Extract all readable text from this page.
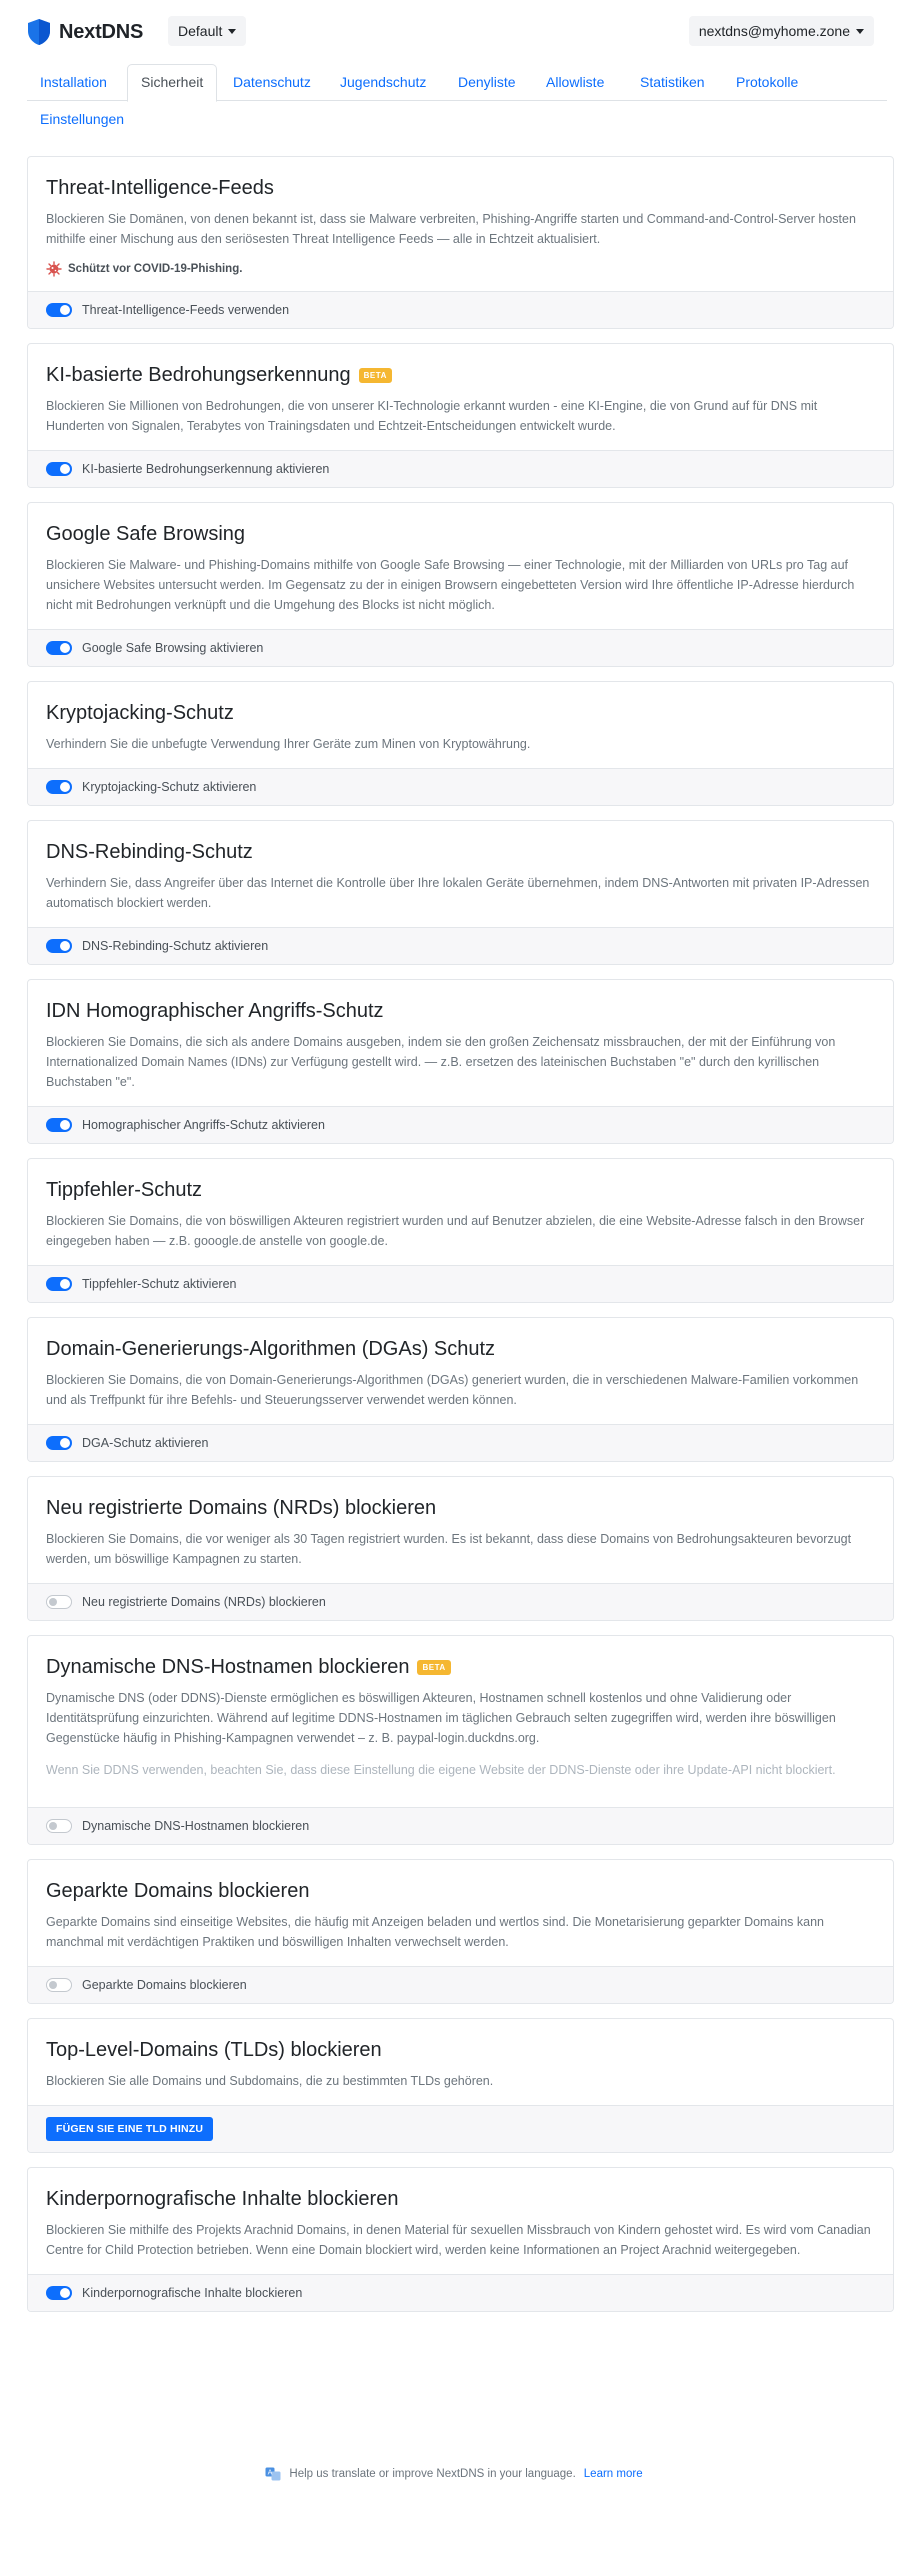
NextDNS Default	nextdns@myhome.zone
Installation	Sicherheit	Datenschutz	Jugendschutz	Denyliste	Allowliste	Statistiken	Protokolle
Einstellungen
Threat-Intelligence-Feeds

Blockieren Sie Domänen, von denen bekannt ist, dass sie Malware verbreiten, Phishing-Angriffe starten und Command-and-Control-Server hosten mithilfe einer Mischung aus den seriösesten Threat Intelligence Feeds — alle in Echtzeit aktualisiert.

Schützt vor COVID-19-Phishing.
Threat-Intelligence-Feeds verwenden
KI-basierte Bedrohungserkennung	BETA

Blockieren Sie Millionen von Bedrohungen, die von unserer KI-Technologie erkannt wurden - eine KI-Engine, die von Grund auf für DNS mit Hunderten von Signalen, Terabytes von Trainingsdaten und Echtzeit-Entscheidungen entwickelt wurde.

KI-basierte Bedrohungserkennung aktivieren
Google Safe Browsing

Blockieren Sie Malware- und Phishing-Domains mithilfe von Google Safe Browsing — einer Technologie, mit der Milliarden von URLs pro Tag auf unsichere Websites untersucht werden. Im Gegensatz zu der in einigen Browsern eingebetteten Version wird Ihre öffentliche IP-Adresse hierdurch nicht mit Bedrohungen verknüpft und die Umgehung des Blocks ist nicht möglich.

Google Safe Browsing aktivieren
Kryptojacking-Schutz

Verhindern Sie die unbefugte Verwendung Ihrer Geräte zum Minen von Kryptowährung.

Kryptojacking-Schutz aktivieren
DNS-Rebinding-Schutz

Verhindern Sie, dass Angreifer über das Internet die Kontrolle über Ihre lokalen Geräte übernehmen, indem DNS-Antworten mit privaten IP-Adressen automatisch blockiert werden.

DNS-Rebinding-Schutz aktivieren
IDN Homographischer Angriffs-Schutz

Blockieren Sie Domains, die sich als andere Domains ausgeben, indem sie den großen Zeichensatz missbrauchen, der mit der Einführung von Internationalized Domain Names (IDNs) zur Verfügung gestellt wird. — z.B. ersetzen des lateinischen Buchstaben "e" durch den kyrillischen Buchstaben "е".

Homographischer Angriffs-Schutz aktivieren
Tippfehler-Schutz

Blockieren Sie Domains, die von böswilligen Akteuren registriert wurden und auf Benutzer abzielen, die eine Website-Adresse falsch in den Browser eingegeben haben — z.B. gooogle.de anstelle von google.de.

Tippfehler-Schutz aktivieren
Domain-Generierungs-Algorithmen (DGAs) Schutz

Blockieren Sie Domains, die von Domain-Generierungs-Algorithmen (DGAs) generiert wurden, die in verschiedenen Malware-Familien vorkommen und als Treffpunkt für ihre Befehls- und Steuerungsserver verwendet werden können.

DGA-Schutz aktivieren
Neu registrierte Domains (NRDs) blockieren

Blockieren Sie Domains, die vor weniger als 30 Tagen registriert wurden. Es ist bekannt, dass diese Domains von Bedrohungsakteuren bevorzugt werden, um böswillige Kampagnen zu starten.

Neu registrierte Domains (NRDs) blockieren
Dynamische DNS-Hostnamen blockieren	BETA

Dynamische DNS (oder DDNS)-Dienste ermöglichen es böswilligen Akteuren, Hostnamen schnell kostenlos und ohne Validierung oder Identitätsprüfung einzurichten. Während auf legitime DDNS-Hostnamen im täglichen Gebrauch selten zugegriffen wird, werden ihre böswilligen Gegenstücke häufig in Phishing-Kampagnen verwendet – z. B. paypal-login.duckdns.org.

Wenn Sie DDNS verwenden, beachten Sie, dass diese Einstellung die eigene Website der DDNS-Dienste oder ihre Update-API nicht blockiert.

Dynamische DNS-Hostnamen blockieren
Geparkte Domains blockieren

Geparkte Domains sind einseitige Websites, die häufig mit Anzeigen beladen und wertlos sind. Die Monetarisierung geparkter Domains kann manchmal mit verdächtigen Praktiken und böswilligen Inhalten verwechselt werden.

Geparkte Domains blockieren
Top-Level-Domains (TLDs) blockieren

Blockieren Sie alle Domains und Subdomains, die zu bestimmten TLDs gehören.

FÜGEN SIE EINE TLD HINZU
Kinderpornografische Inhalte blockieren

Blockieren Sie mithilfe des Projekts Arachnid Domains, in denen Material für sexuellen Missbrauch von Kindern gehostet wird. Es wird vom Canadian Centre for Child Protection betrieben. Wenn eine Domain blockiert wird, werden keine Informationen an Project Arachnid weitergegeben.

Kinderpornografische Inhalte blockieren
A Help us translate or improve NextDNS in your language. Learn more
